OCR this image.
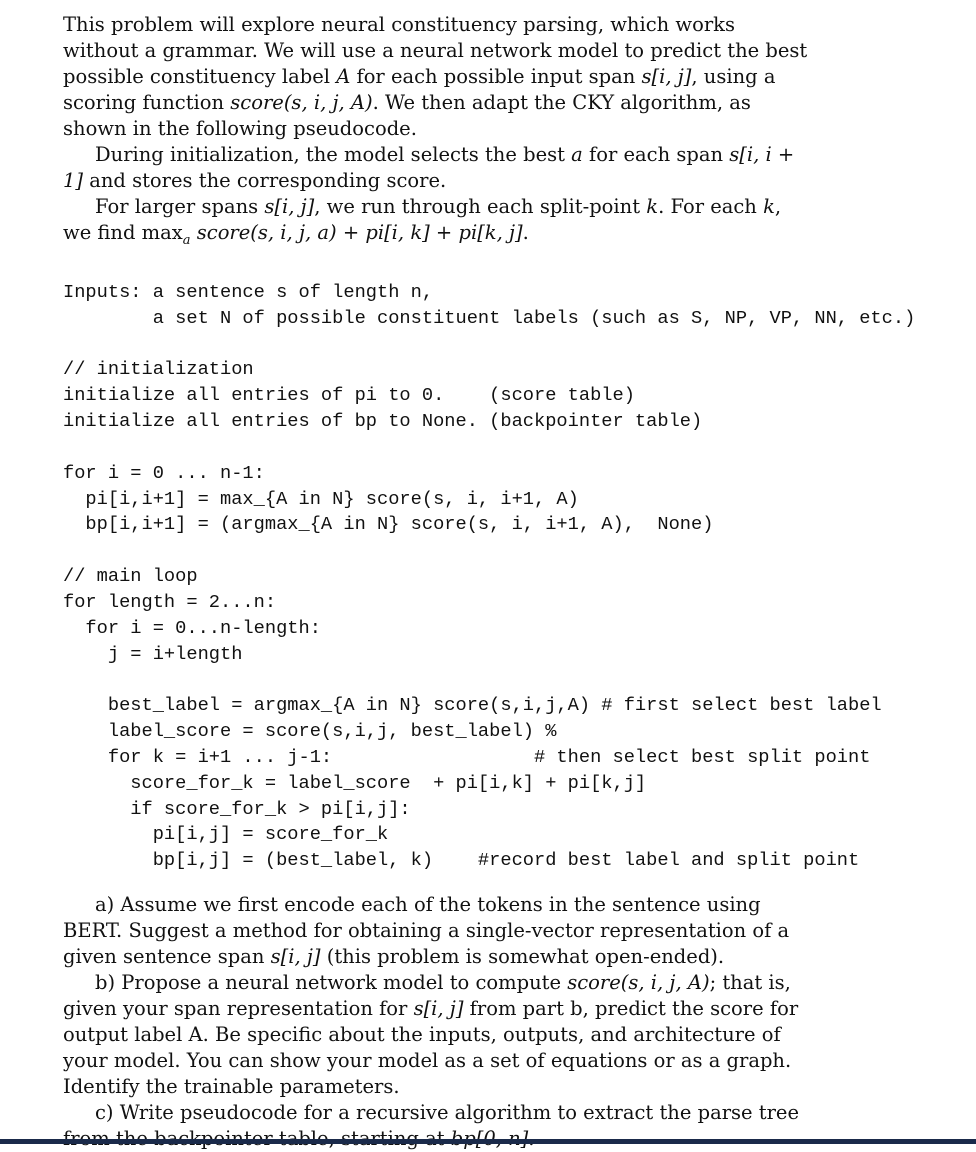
This problem will explore neural constituency parsing, which works without a grammar. We will use a neural network model to predict the best possible constituency label A for each possible input span s[i, j], using a scoring function score(s, i, j, A). We then adapt the CKY algorithm, as shown in the following pseudocode.

During initialization, the model selects the best a for each span s[i, i + 1] and stores the corresponding score.

For larger spans s[i, j], we run through each split-point k. For each k, we find $\max_a$ score(s, i, j, a) + pi[i, k] + pi[k, j].

Inputs: a sentence s of length n,
a set N of possible constituent labels (such as S, NP, VP, NN, etc.)
// initialization
initialize all entries of pi to 0.    (score table)
initialize all entries of bp to None. (backpointer table)
for i = 0 ... n-1:
pi[i,i+1] = max_{A in N} score(s, i, i+1, A)
bp[i,i+1] = (argmax_{A in N} score(s, i, i+1, A),  None)
// main loop
for length = 2...n:
for i = 0...n-length:
j = i+length
best_label = argmax_{A in N} score(s,i,j,A) # first select best label
label_score = score(s,i,j, best_label) %
for k = i+1 ... j-1:                  # then select best split point
score_for_k = label_score  + pi[i,k] + pi[k,j]
if score_for_k > pi[i,j]:
pi[i,j] = score_for_k
bp[i,j] = (best_label, k)    #record best label and split point

a) Assume we first encode each of the tokens in the sentence using BERT. Suggest a method for obtaining a single-vector representation of a given sentence span s[i, j] (this problem is somewhat open-ended).

b) Propose a neural network model to compute score(s, i, j, A); that is, given your span representation for s[i, j] from part b, predict the score for output label A. Be specific about the inputs, outputs, and architecture of your model. You can show your model as a set of equations or as a graph. Identify the trainable parameters.

c) Write pseudocode for a recursive algorithm to extract the parse tree
